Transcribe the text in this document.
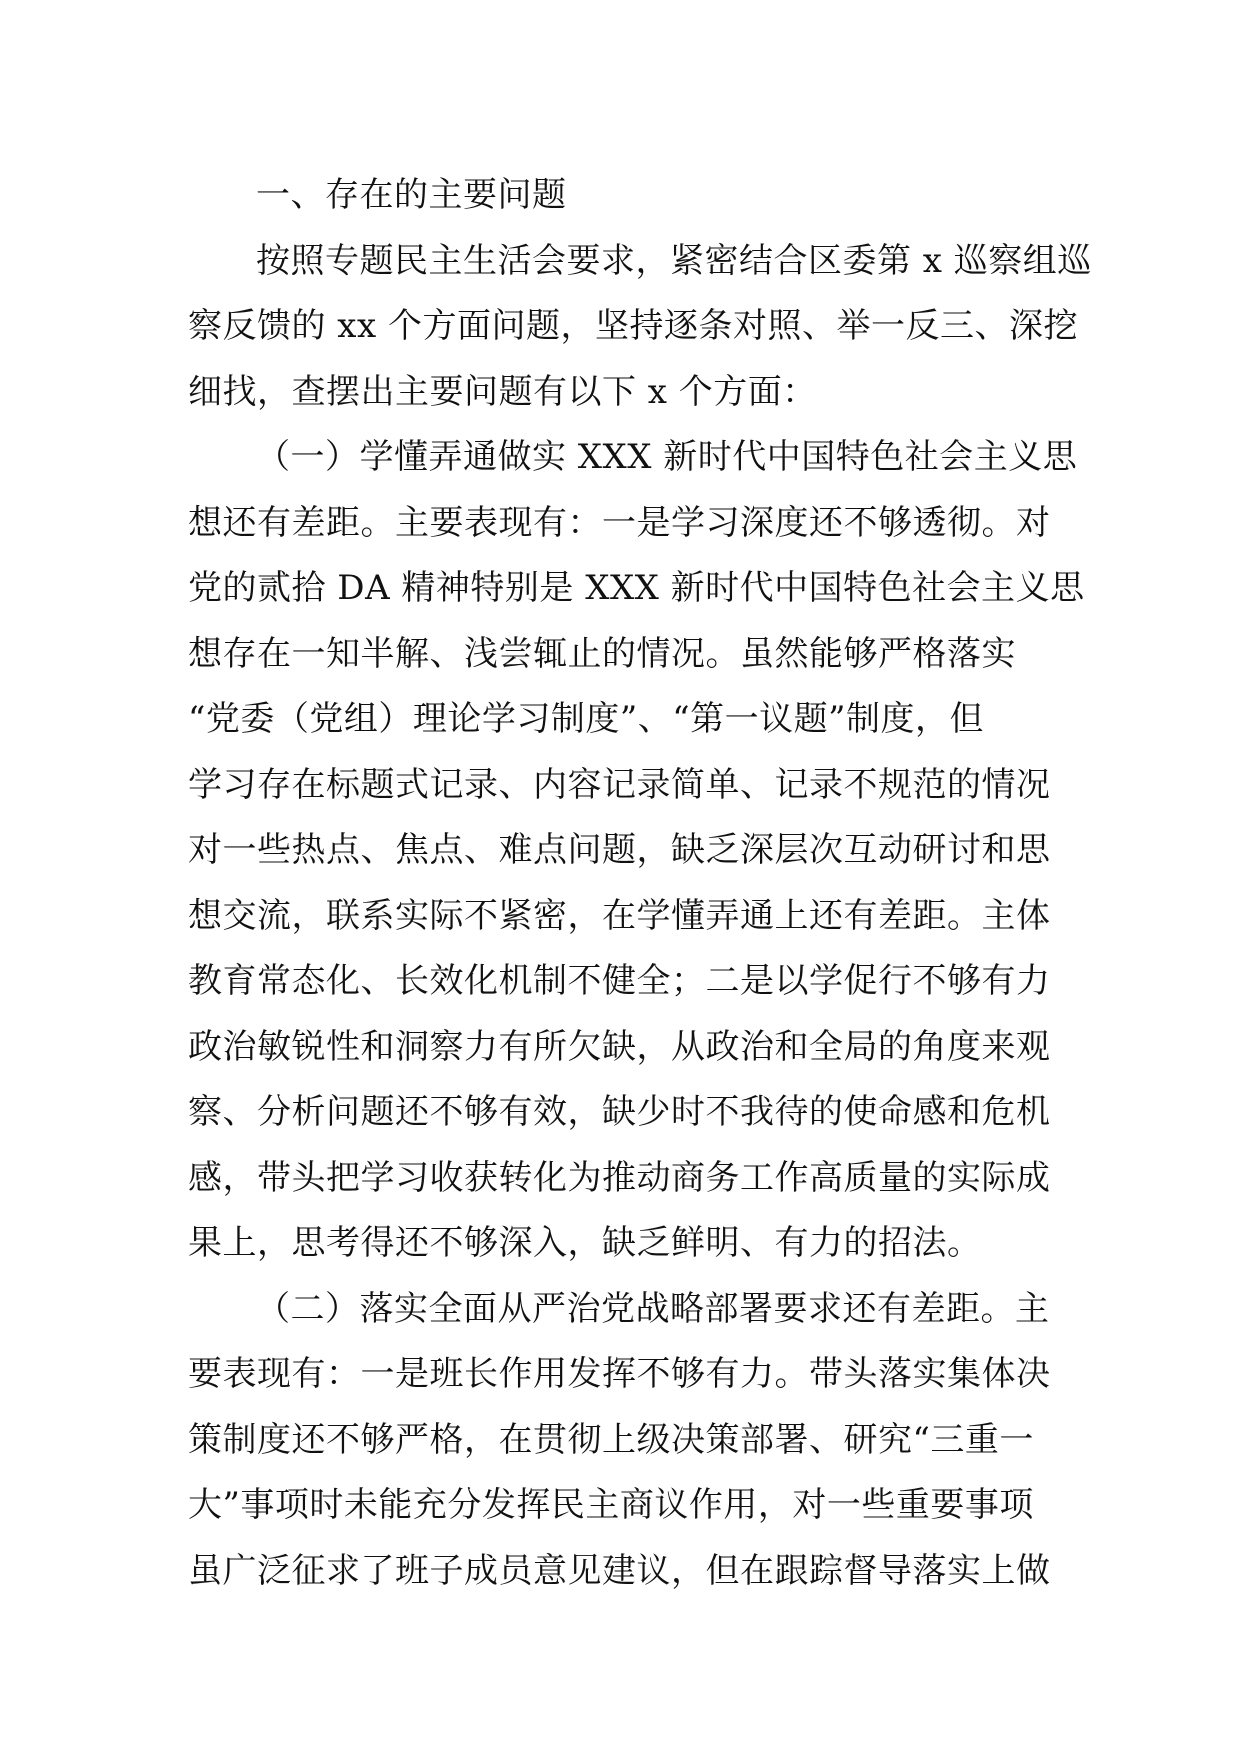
一、存在的主要问题
按照专题民主生活会要求，紧密结合区委第 x 巡察组巡
察反馈的 xx 个方面问题，坚持逐条对照、举一反三、深挖
细找，查摆出主要问题有以下 x 个方面：
（一）学懂弄通做实 XXX 新时代中国特色社会主义思
想还有差距。主要表现有：一是学习深度还不够透彻。对
党的贰拾 DA 精神特别是 XXX 新时代中国特色社会主义思
想存在一知半解、浅尝辄止的情况。虽然能够严格落实
“党委（党组）理论学习制度”、“第一议题”制度，但
学习存在标题式记录、内容记录简单、记录不规范的情况
对一些热点、焦点、难点问题，缺乏深层次互动研讨和思
想交流，联系实际不紧密，在学懂弄通上还有差距。主体
教育常态化、长效化机制不健全；二是以学促行不够有力
政治敏锐性和洞察力有所欠缺，从政治和全局的角度来观
察、分析问题还不够有效，缺少时不我待的使命感和危机
感，带头把学习收获转化为推动商务工作高质量的实际成
果上，思考得还不够深入，缺乏鲜明、有力的招法。
（二）落实全面从严治党战略部署要求还有差距。主
要表现有：一是班长作用发挥不够有力。带头落实集体决
策制度还不够严格，在贯彻上级决策部署、研究“三重一
大”事项时未能充分发挥民主商议作用，对一些重要事项
虽广泛征求了班子成员意见建议，但在跟踪督导落实上做
